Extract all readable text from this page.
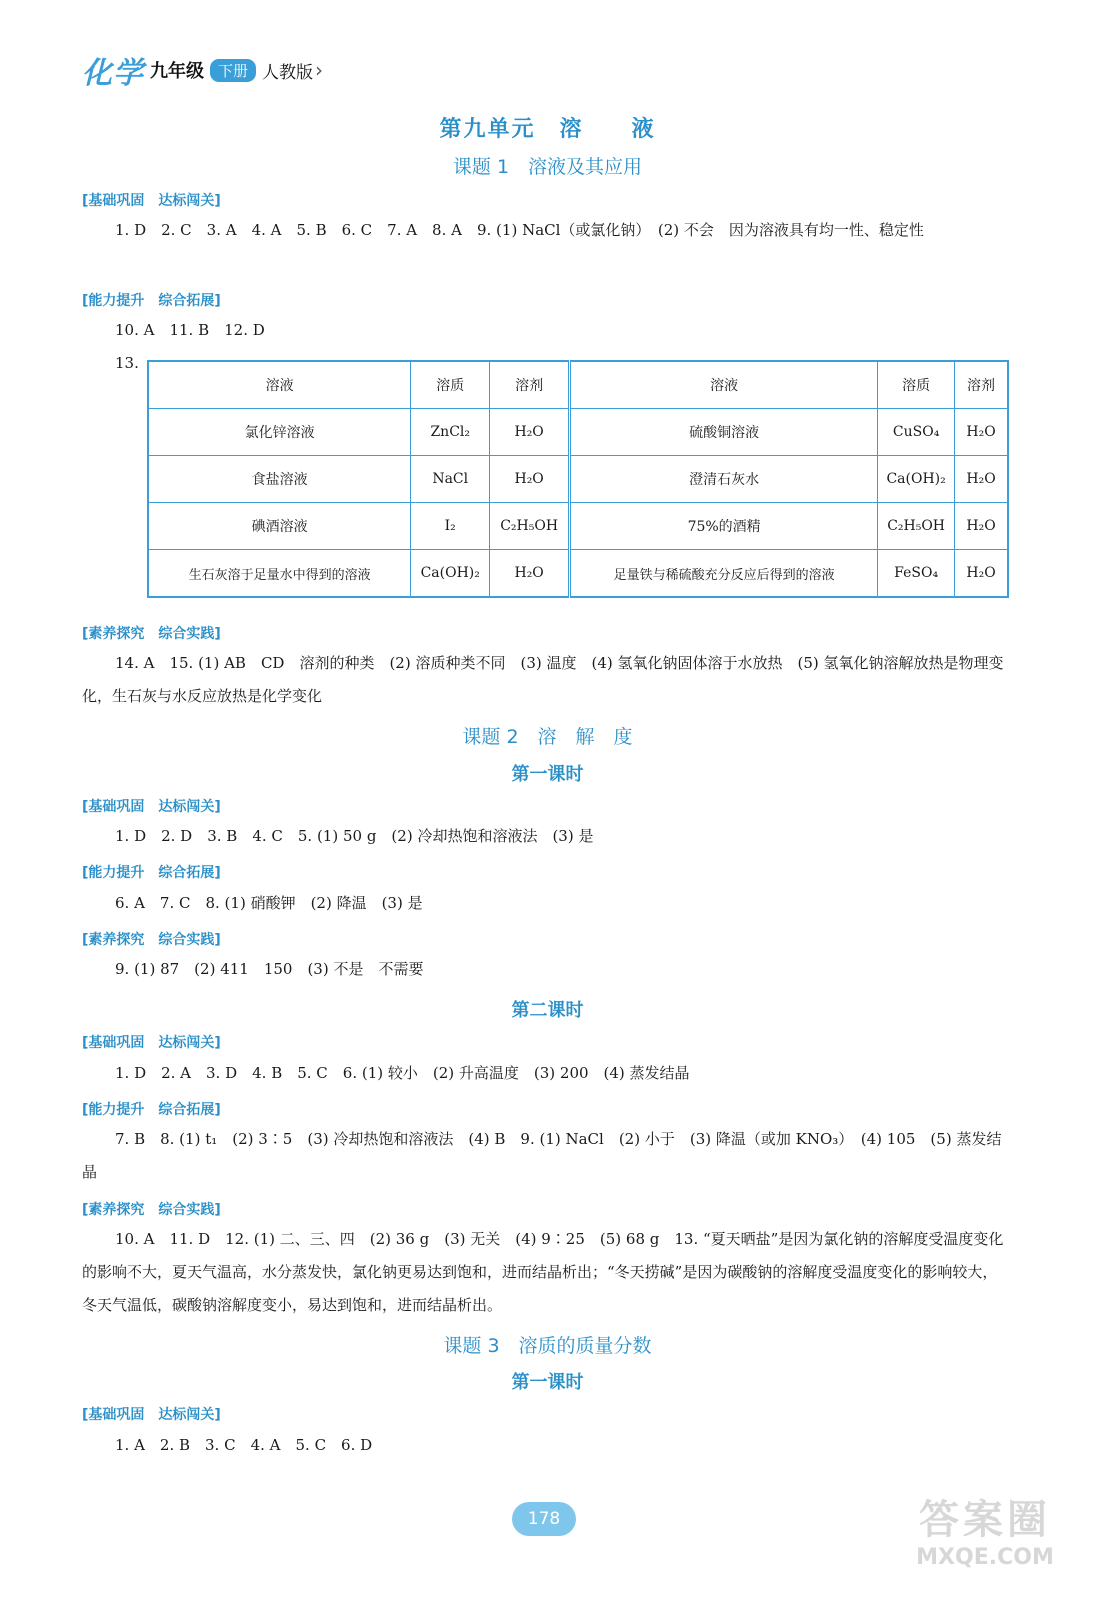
化学 九年级 下册 人教版 ›
第九单元　溶　　液
课题 1　溶液及其应用
[基础巩固　达标闯关]
1. D　2. C　3. A　4. A　5. B　6. C　7. A　8. A　9. (1) NaCl（或氯化钠）　(2) 不会　因为溶液具有均一性、稳定性
[能力提升　综合拓展]
10. A　11. B　12. D
13.
溶液	溶质	溶剂	溶液	溶质	溶剂
氯化锌溶液	ZnCl₂	H₂O	硫酸铜溶液	CuSO₄	H₂O
食盐溶液	NaCl	H₂O	澄清石灰水	Ca(OH)₂	H₂O
碘酒溶液	I₂	C₂H₅OH	75%的酒精	C₂H₅OH	H₂O
生石灰溶于足量水中得到的溶液	Ca(OH)₂	H₂O	足量铁与稀硫酸充分反应后得到的溶液	FeSO₄	H₂O
[素养探究　综合实践]
14. A　15. (1) AB　CD　溶剂的种类　(2) 溶质种类不同　(3) 温度　(4) 氢氧化钠固体溶于水放热　(5) 氢氧化钠溶解放热是物理变化，生石灰与水反应放热是化学变化
课题 2　溶　解　度
第一课时
[基础巩固　达标闯关]
1. D　2. D　3. B　4. C　5. (1) 50 g　(2) 冷却热饱和溶液法　(3) 是
[能力提升　综合拓展]
6. A　7. C　8. (1) 硝酸钾　(2) 降温　(3) 是
[素养探究　综合实践]
9. (1) 87　(2) 411　150　(3) 不是　不需要
第二课时
[基础巩固　达标闯关]
1. D　2. A　3. D　4. B　5. C　6. (1) 较小　(2) 升高温度　(3) 200　(4) 蒸发结晶
[能力提升　综合拓展]
7. B　8. (1) t₁　(2) 3∶5　(3) 冷却热饱和溶液法　(4) B　9. (1) NaCl　(2) 小于　(3) 降温（或加 KNO₃）　(4) 105　(5) 蒸发结晶
[素养探究　综合实践]
10. A　11. D　12. (1) 二、三、四　(2) 36 g　(3) 无关　(4) 9∶25　(5) 68 g　13. “夏天晒盐”是因为氯化钠的溶解度受温度变化的影响不大，夏天气温高，水分蒸发快，氯化钠更易达到饱和，进而结晶析出；“冬天捞碱”是因为碳酸钠的溶解度受温度变化的影响较大，冬天气温低，碳酸钠溶解度变小，易达到饱和，进而结晶析出。
课题 3　溶质的质量分数
第一课时
[基础巩固　达标闯关]
1. A　2. B　3. C　4. A　5. C　6. D
178	答案圈
MXQE.COM
